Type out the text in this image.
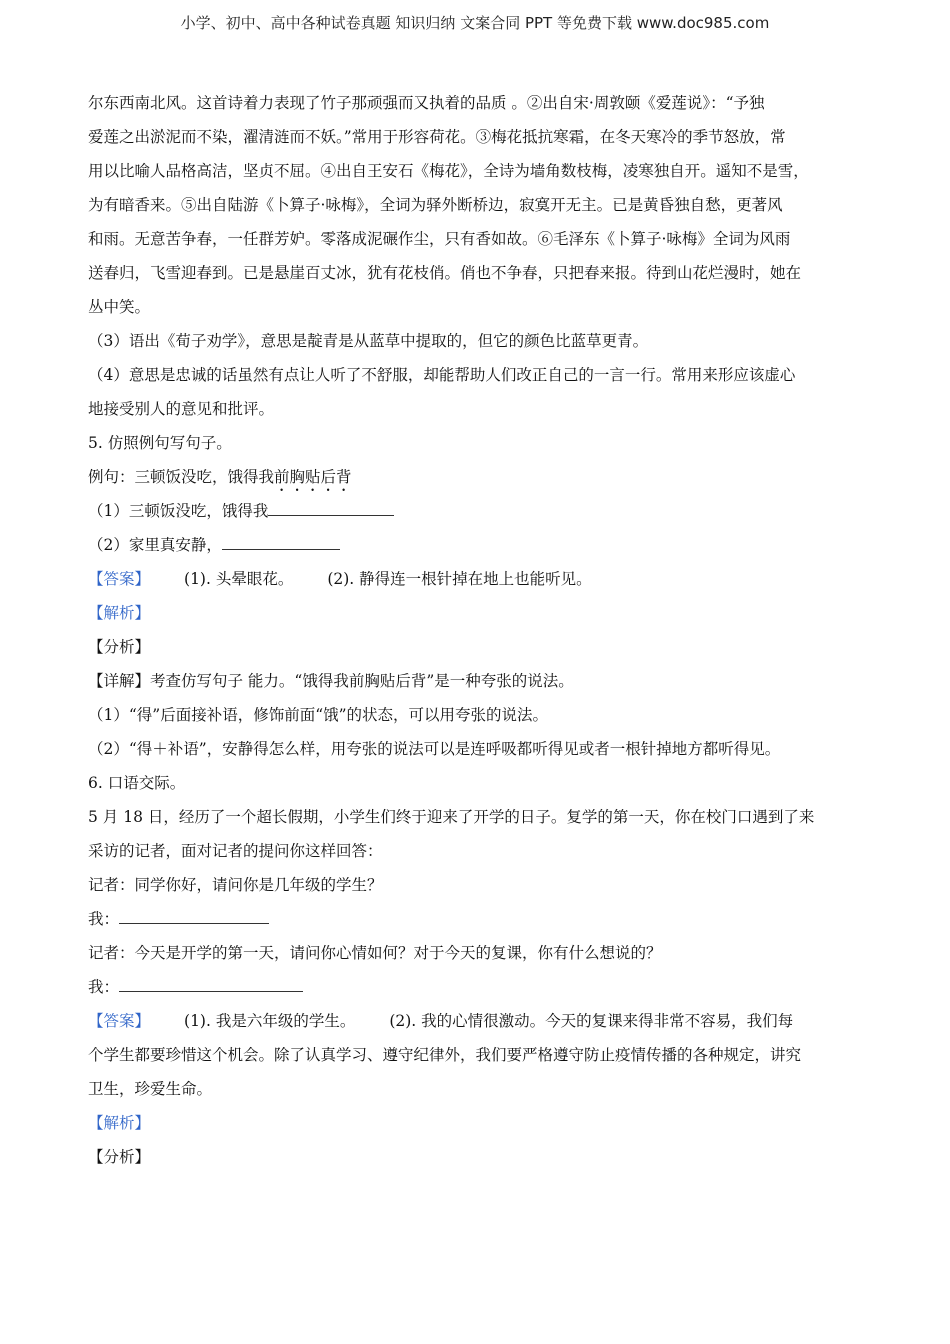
小学、初中、高中各种试卷真题 知识归纳 文案合同 PPT 等免费下载 www.doc985.com
尔东西南北风。这首诗着力表现了竹子那顽强而又执着的品质 。②出自宋·周敦颐《爱莲说》：“予独
爱莲之出淤泥而不染，濯清涟而不妖。”常用于形容荷花。③梅花抵抗寒霜，在冬天寒冷的季节怒放，常
用以比喻人品格高洁，坚贞不屈。④出自王安石《梅花》，全诗为墙角数枝梅，凌寒独自开。遥知不是雪，
为有暗香来。⑤出自陆游《卜算子·咏梅》，全词为驿外断桥边，寂寞开无主。已是黄昏独自愁，更著风
和雨。无意苦争春，一任群芳妒。零落成泥碾作尘，只有香如故。⑥毛泽东《卜算子·咏梅》全词为风雨
送春归，飞雪迎春到。已是悬崖百丈冰，犹有花枝俏。俏也不争春，只把春来报。待到山花烂漫时，她在
丛中笑。
（3）语出《荀子劝学》，意思是靛青是从蓝草中提取的，但它的颜色比蓝草更青。
（4）意思是忠诚的话虽然有点让人听了不舒服，却能帮助人们改正自己的一言一行。常用来形应该虚心
地接受别人的意见和批评。
5. 仿照例句写句子。
例句：三顿饭没吃，饿得我前胸贴后背
（1）三顿饭没吃，饿得我
（2）家里真安静，
【答案】 (1). 头晕眼花。 (2). 静得连一根针掉在地上也能听见。
【解析】
【分析】
【详解】考查仿写句子 能力。“饿得我前胸贴后背”是一种夸张的说法。
（1）“得”后面接补语，修饰前面“饿”的状态，可以用夸张的说法。
（2）“得＋补语”，安静得怎么样，用夸张的说法可以是连呼吸都听得见或者一根针掉地方都听得见。
6. 口语交际。
5 月 18 日，经历了一个超长假期，小学生们终于迎来了开学的日子。复学的第一天，你在校门口遇到了来
采访的记者，面对记者的提问你这样回答：
记者：同学你好，请问你是几年级的学生？
我：
记者：今天是开学的第一天，请问你心情如何？对于今天的复课，你有什么想说的？
我：
【答案】 (1). 我是六年级的学生。 (2). 我的心情很激动。今天的复课来得非常不容易，我们每
个学生都要珍惜这个机会。除了认真学习、遵守纪律外，我们要严格遵守防止疫情传播的各种规定，讲究
卫生，珍爱生命。
【解析】
【分析】
